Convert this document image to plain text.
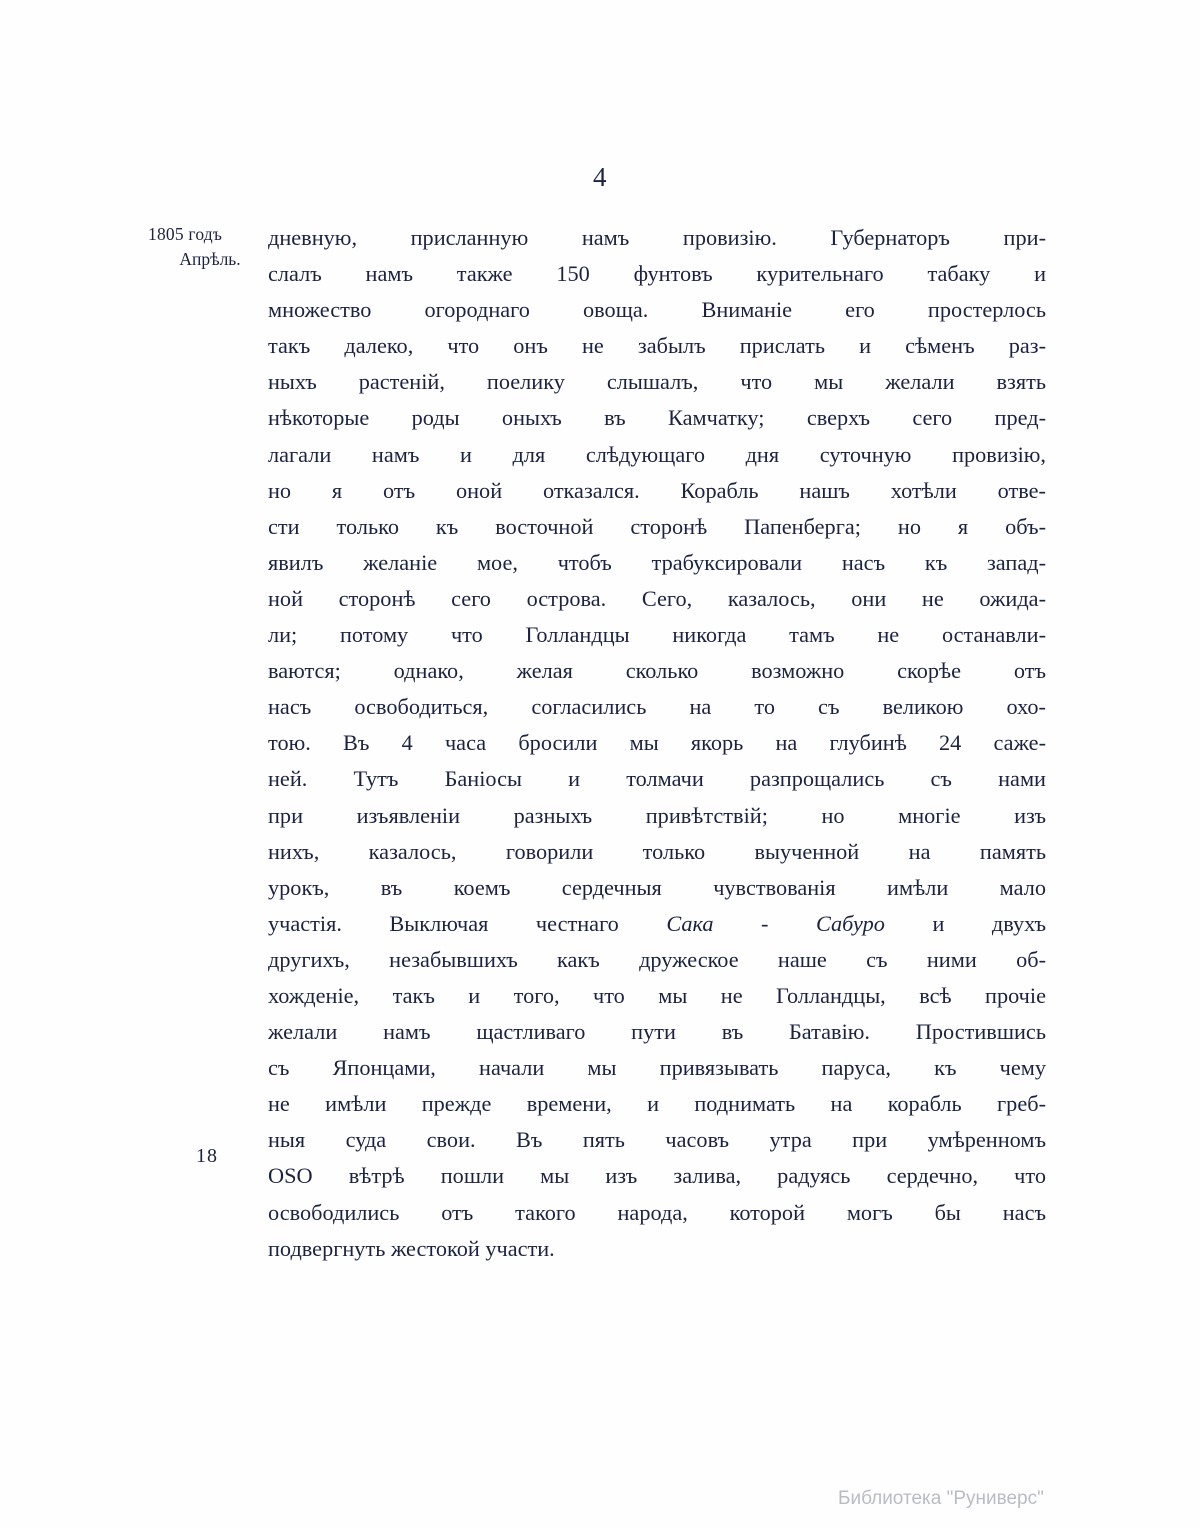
4
1805 годъ
Апрѣль.
18
дневную, присланную намъ провизію. Губернаторъ при-
слалъ намъ также 150 фунтовъ курительнаго табаку и
множество огороднаго овоща. Вниманіе его простерлось
такъ далеко, что онъ не забылъ прислать и сѣменъ раз-
ныхъ растеній, поелику слышалъ, что мы желали взять
нѣкоторые роды оныхъ въ Камчатку; сверхъ сего пред-
лагали намъ и для слѣдующаго дня суточную провизію,
но я отъ оной отказался. Корабль нашъ хотѣли отве-
сти только къ восточной сторонѣ Папенберга; но я объ-
явилъ желаніе мое, чтобъ трабуксировали насъ къ запад-
ной сторонѣ сего острова. Сего, казалось, они не ожида-
ли; потому что Голландцы никогда тамъ не останавли-
ваются; однако, желая сколько возможно скорѣе отъ
насъ освободиться, согласились на то съ великою охо-
тою. Въ 4 часа бросили мы якорь на глубинѣ 24 саже-
ней. Тутъ Баніосы и толмачи разпрощались съ нами
при изъявленіи разныхъ привѣтствій; но многіе изъ
нихъ, казалось, говорили только выученной на память
урокъ, въ коемъ сердечныя чувствованія имѣли мало
участія. Выключая честнаго Сака - Сабуро и двухъ
другихъ, незабывшихъ какъ дружеское наше съ ними об-
хожденіе, такъ и того, что мы не Голландцы, всѣ прочіе
желали намъ щастливаго пути въ Батавію. Простившись
съ Японцами, начали мы привязывать паруса, къ чему
не имѣли прежде времени, и поднимать на корабль греб-
ныя суда свои. Въ пять часовъ утра при умѣренномъ
OSO вѣтрѣ пошли мы изъ залива, радуясь сердечно, что
освободились отъ такого народа, которой могъ бы насъ
подвергнуть жестокой участи.
Библиотека "Руниверс"
